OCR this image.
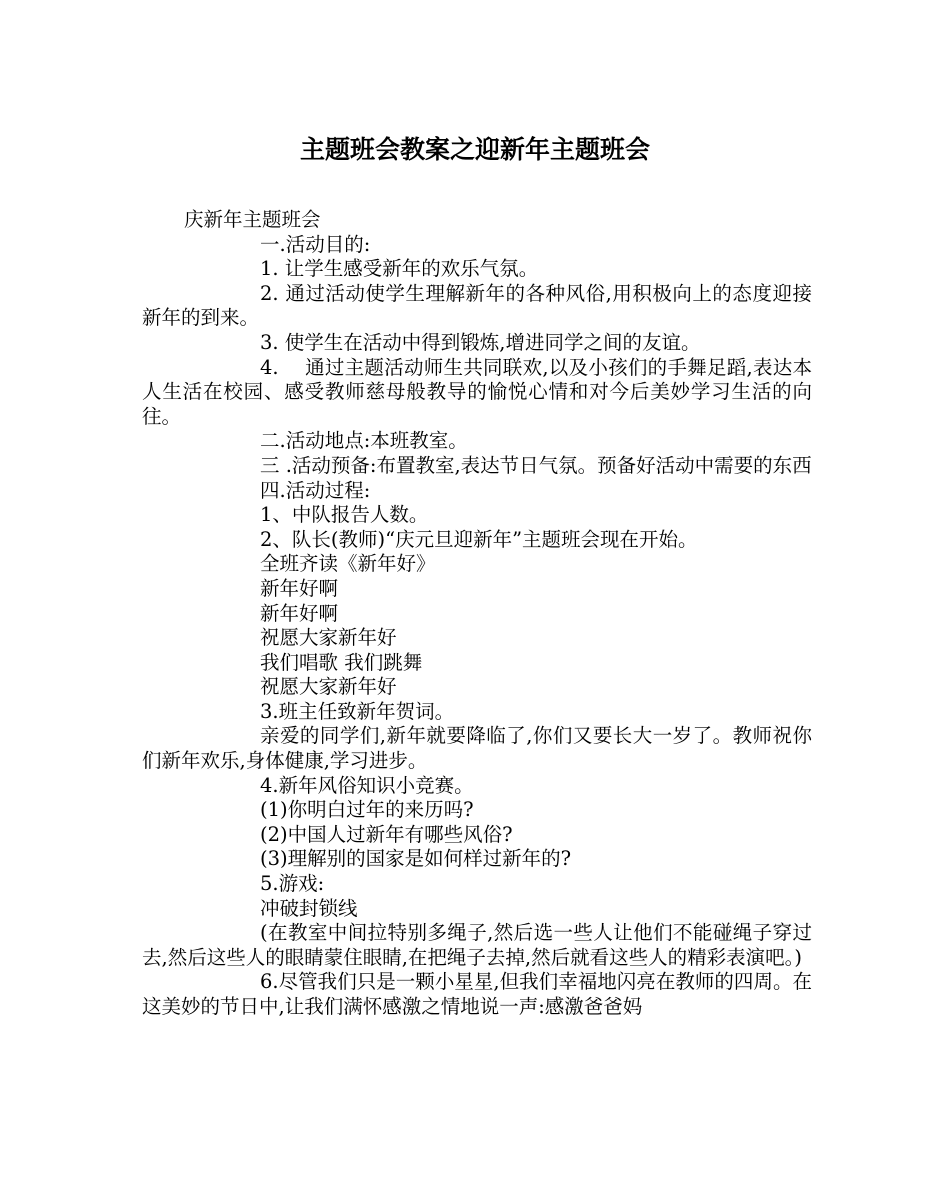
主题班会教案之迎新年主题班会

庆新年主题班会

一.活动目的:

1. 让学生感受新年的欢乐气氛。

2. 通过活动使学生理解新年的各种风俗,用积极向上的态度迎接新年的到来。

3. 使学生在活动中得到锻炼,增进同学之间的友谊。

4.　 通过主题活动师生共同联欢,以及小孩们的手舞足蹈,表达本人生活在校园、感受教师慈母般教导的愉悦心情和对今后美妙学习生活的向往。

二.活动地点:本班教室。

三 .活动预备:布置教室,表达节日气氛。预备好活动中需要的东西

四.活动过程:

1、中队报告人数。

2、队长(教师)“庆元旦迎新年”主题班会现在开始。

全班齐读《新年好》

新年好啊

新年好啊

祝愿大家新年好

我们唱歌 我们跳舞

祝愿大家新年好

3.班主任致新年贺词。

亲爱的同学们,新年就要降临了,你们又要长大一岁了。教师祝你们新年欢乐,身体健康,学习进步。

4.新年风俗知识小竞赛。

(1)你明白过年的来历吗?

(2)中国人过新年有哪些风俗?

(3)理解别的国家是如何样过新年的?

5.游戏:

冲破封锁线

(在教室中间拉特别多绳子,然后选一些人让他们不能碰绳子穿过去,然后这些人的眼睛蒙住眼睛,在把绳子去掉,然后就看这些人的精彩表演吧。)

6.尽管我们只是一颗小星星,但我们幸福地闪亮在教师的四周。在这美妙的节日中,让我们满怀感激之情地说一声:感激爸爸妈
